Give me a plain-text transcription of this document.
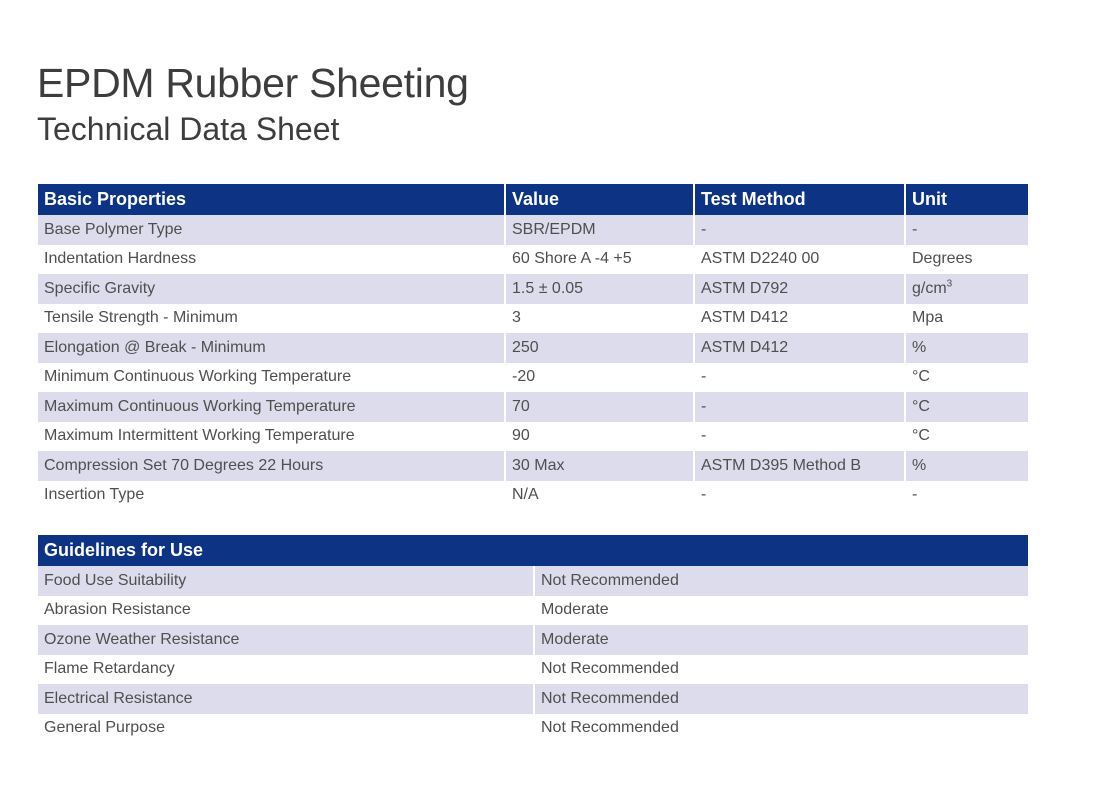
EPDM Rubber Sheeting
Technical Data Sheet
Basic Properties	Value	Test Method	Unit
Base Polymer Type	SBR/EPDM	-	-
Indentation Hardness	60 Shore A -4 +5	ASTM D2240 00	Degrees
Specific Gravity	1.5 ± 0.05	ASTM D792	$g/cm^3$
Tensile Strength - Minimum	3	ASTM D412	Mpa
Elongation @ Break - Minimum	250	ASTM D412	%
Minimum Continuous Working Temperature	-20	-	°C
Maximum Continuous Working Temperature	70	-	°C
Maximum Intermittent Working Temperature	90	-	°C
Compression Set 70 Degrees 22 Hours	30 Max	ASTM D395 Method B	%
Insertion Type	N/A	-	-
Guidelines for Use	
Food Use Suitability	Not Recommended
Abrasion Resistance	Moderate
Ozone Weather Resistance	Moderate
Flame Retardancy	Not Recommended
Electrical Resistance	Not Recommended
General Purpose	Not Recommended
